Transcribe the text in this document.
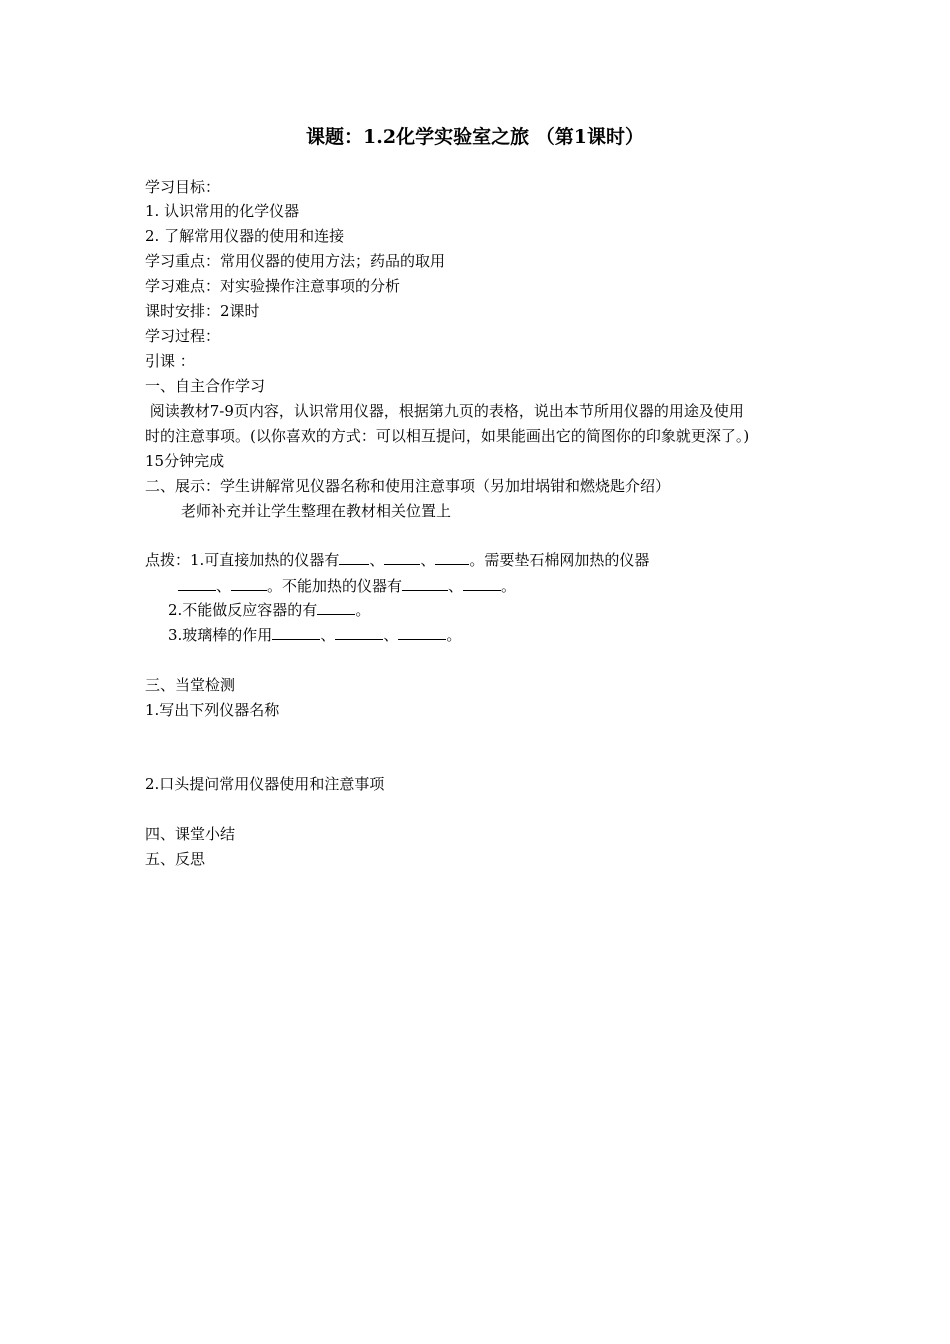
课题：1.2化学实验室之旅 （第1课时）
学习目标：
1. 认识常用的化学仪器
2. 了解常用仪器的使用和连接
学习重点：常用仪器的使用方法；药品的取用
学习难点：对实验操作注意事项的分析
课时安排：2课时
学习过程：
引课 ：
一、自主合作学习
阅读教材7-9页内容，认识常用仪器，根据第九页的表格，说出本节所用仪器的用途及使用
时的注意事项。(以你喜欢的方式：可以相互提问，如果能画出它的简图你的印象就更深了。)
15分钟完成
二、展示：学生讲解常见仪器名称和使用注意事项（另加坩埚钳和燃烧匙介绍）
老师补充并让学生整理在教材相关位置上
点拨：1.可直接加热的仪器有 、 、 。需要垫石棉网加热的仪器
、 。不能加热的仪器有	、	。
2.不能做反应容器的有	。
3.玻璃棒的作用	、	、	。
三、当堂检测
1.写出下列仪器名称
2.口头提问常用仪器使用和注意事项
四、课堂小结
五、反思
